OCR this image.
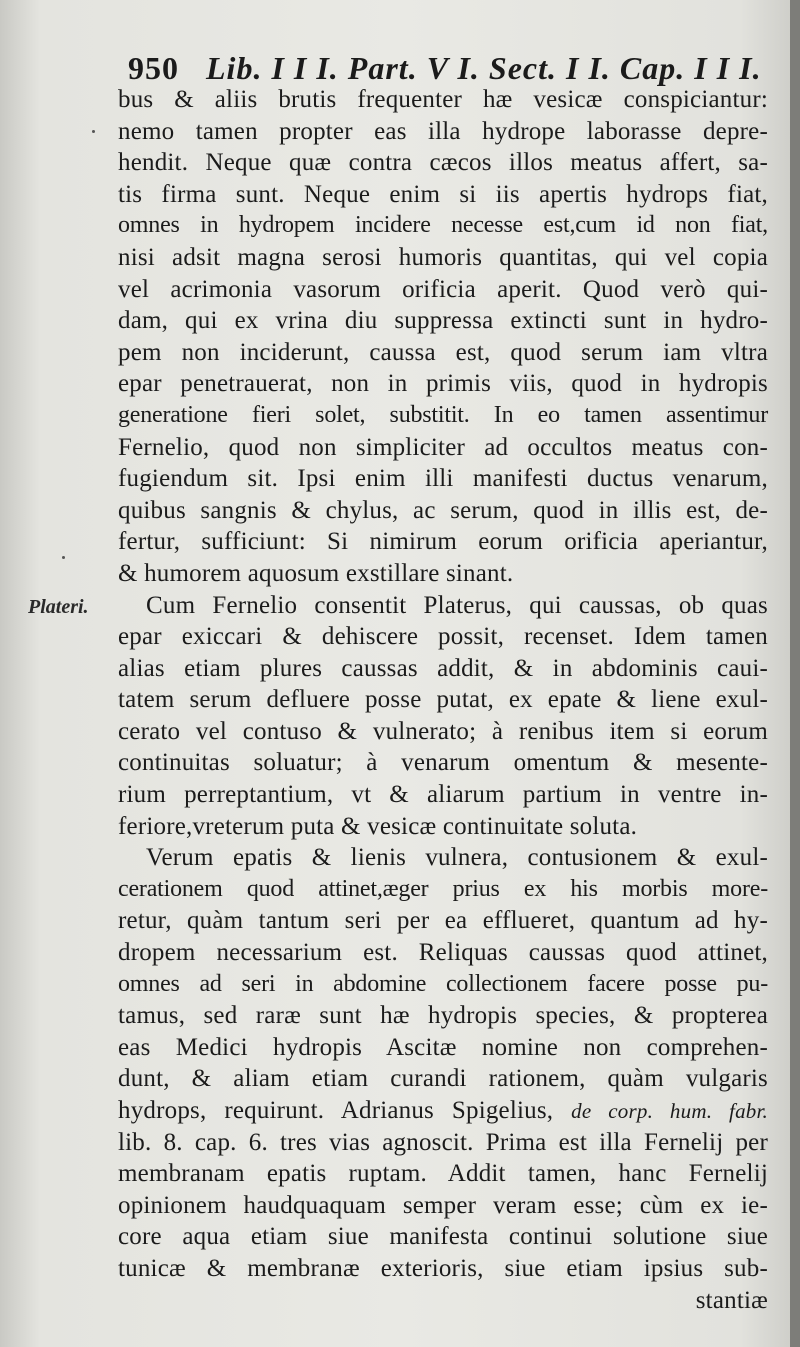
950 Lib. I I I. Part. V I. Sect. I I. Cap. I I I.
Plateri.
bus & aliis brutis frequenter hæ vesicæ conspiciantur:
nemo tamen propter eas illa hydrope laborasse depre-
hendit. Neque quæ contra cæcos illos meatus affert, sa-
tis firma sunt. Neque enim si iis apertis hydrops fiat,
omnes in hydropem incidere necesse est,cum id non fiat,
nisi adsit magna serosi humoris quantitas, qui vel copia
vel acrimonia vasorum orificia aperit. Quod verò qui-
dam, qui ex vrina diu suppressa extincti sunt in hydro-
pem non inciderunt, caussa est, quod serum iam vltra
epar penetrauerat, non in primis viis, quod in hydropis
generatione fieri solet, substitit. In eo tamen assentimur
Fernelio, quod non simpliciter ad occultos meatus con-
fugiendum sit. Ipsi enim illi manifesti ductus venarum,
quibus sangnis & chylus, ac serum, quod in illis est, de-
fertur, sufficiunt: Si nimirum eorum orificia aperiantur,
& humorem aquosum exstillare sinant.
Cum Fernelio consentit Platerus, qui caussas, ob quas
epar exiccari & dehiscere possit, recenset. Idem tamen
alias etiam plures caussas addit, & in abdominis caui-
tatem serum defluere posse putat, ex epate & liene exul-
cerato vel contuso & vulnerato; à renibus item si eorum
continuitas soluatur; à venarum omentum & mesente-
rium perreptantium, vt & aliarum partium in ventre in-
feriore,vreterum puta & vesicæ continuitate soluta.
Verum epatis & lienis vulnera, contusionem & exul-
cerationem quod attinet,æger prius ex his morbis more-
retur, quàm tantum seri per ea efflueret, quantum ad hy-
dropem necessarium est. Reliquas caussas quod attinet,
omnes ad seri in abdomine collectionem facere posse pu-
tamus, sed raræ sunt hæ hydropis species, & propterea
eas Medici hydropis Ascitæ nomine non comprehen-
dunt, & aliam etiam curandi rationem, quàm vulgaris
hydrops, requirunt. Adrianus Spigelius, de corp. hum. fabr.
lib. 8. cap. 6. tres vias agnoscit. Prima est illa Fernelij per
membranam epatis ruptam. Addit tamen, hanc Fernelij
opinionem haudquaquam semper veram esse; cùm ex ie-
core aqua etiam siue manifesta continui solutione siue
tunicæ & membranæ exterioris, siue etiam ipsius sub-
stantiæ
